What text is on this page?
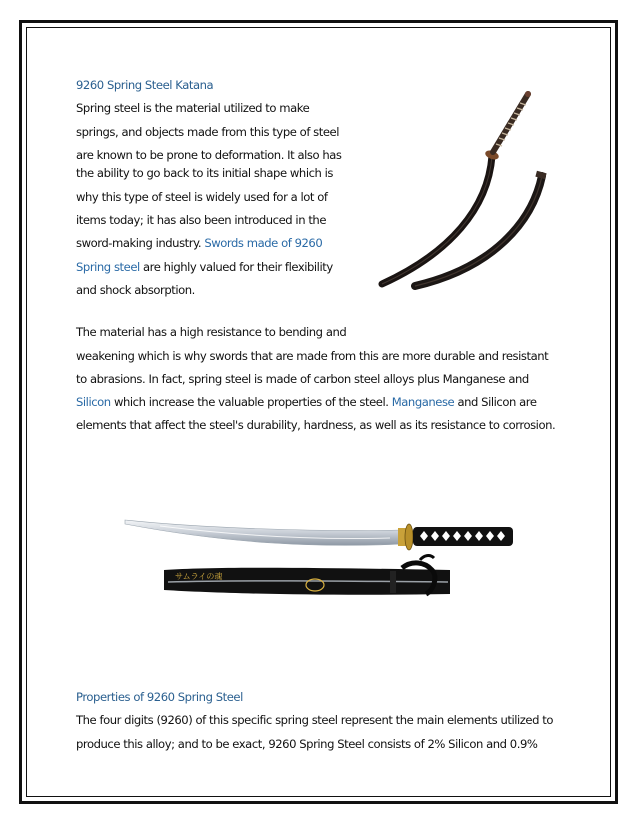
9260 Spring Steel Katana
Spring steel is the material utilized to make
springs, and objects made from this type of steel
are known to be prone to deformation. It also has
the ability to go back to its initial shape which is
why this type of steel is widely used for a lot of
items today; it has also been introduced in the
sword-making industry. Swords made of 9260
Spring steel are highly valued for their flexibility
and shock absorption.
The material has a high resistance to bending and
weakening which is why swords that are made from this are more durable and resistant
to abrasions. In fact, spring steel is made of carbon steel alloys plus Manganese and
Silicon which increase the valuable properties of the steel. Manganese and Silicon are
elements that affect the steel's durability, hardness, as well as its resistance to corrosion.
サムライの魂
Properties of 9260 Spring Steel
The four digits (9260) of this specific spring steel represent the main elements utilized to
produce this alloy; and to be exact, 9260 Spring Steel consists of 2% Silicon and 0.9%
